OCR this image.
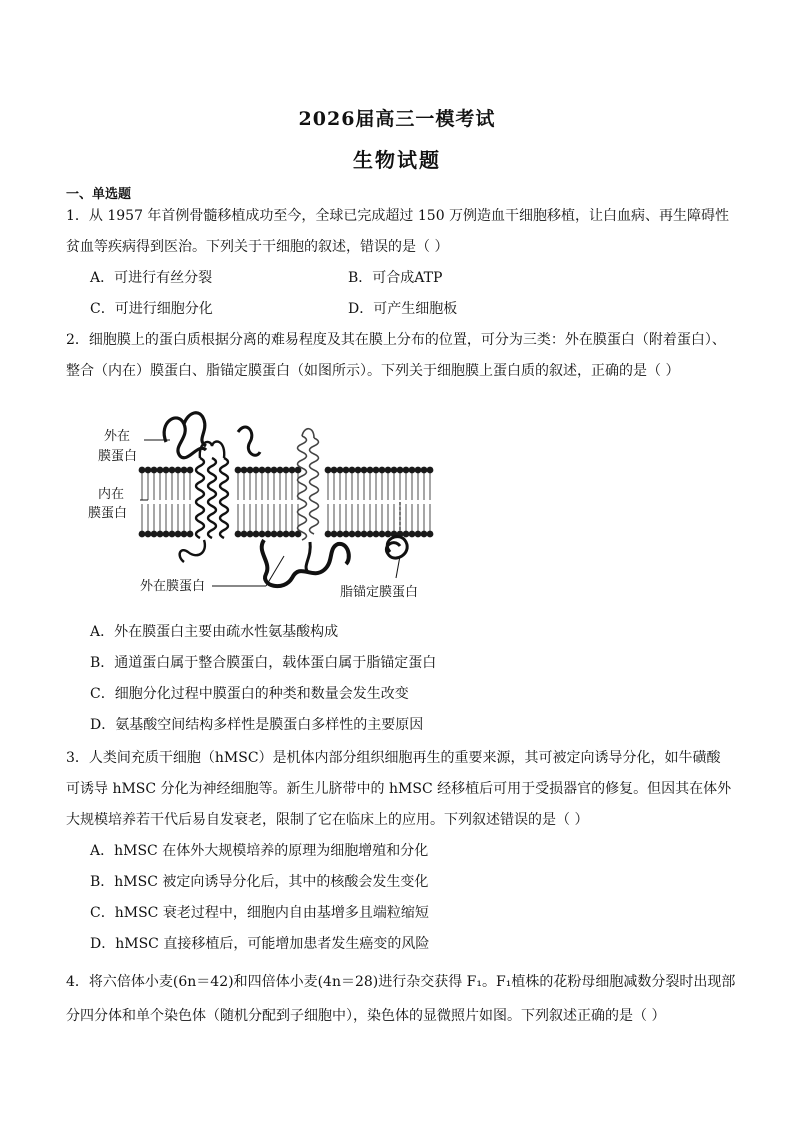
2026届高三一模考试
生物试题
一、单选题
1．从 1957 年首例骨髓移植成功至今，全球已完成超过 150 万例造血干细胞移植，让白血病、再生障碍性
贫血等疾病得到医治。下列关于干细胞的叙述，错误的是（ ）
A．可进行有丝分裂	B．可合成ATP
C．可进行细胞分化	D．可产生细胞板
2．细胞膜上的蛋白质根据分离的难易程度及其在膜上分布的位置，可分为三类：外在膜蛋白（附着蛋白）、
整合（内在）膜蛋白、脂锚定膜蛋白（如图所示）。下列关于细胞膜上蛋白质的叙述，正确的是（ ）
外在
膜蛋白
内在
膜蛋白
外在膜蛋白	脂锚定膜蛋白
A．外在膜蛋白主要由疏水性氨基酸构成
B．通道蛋白属于整合膜蛋白，载体蛋白属于脂锚定蛋白
C．细胞分化过程中膜蛋白的种类和数量会发生改变
D．氨基酸空间结构多样性是膜蛋白多样性的主要原因
3．人类间充质干细胞（hMSC）是机体内部分组织细胞再生的重要来源，其可被定向诱导分化，如牛磺酸
可诱导 hMSC 分化为神经细胞等。新生儿脐带中的 hMSC 经移植后可用于受损器官的修复。但因其在体外
大规模培养若干代后易自发衰老，限制了它在临床上的应用。下列叙述错误的是（ ）
A．hMSC 在体外大规模培养的原理为细胞增殖和分化
B．hMSC 被定向诱导分化后，其中的核酸会发生变化
C．hMSC 衰老过程中，细胞内自由基增多且端粒缩短
D．hMSC 直接移植后，可能增加患者发生癌变的风险
4．将六倍体小麦(6n＝42)和四倍体小麦(4n＝28)进行杂交获得 F₁。F₁植株的花粉母细胞减数分裂时出现部
分四分体和单个染色体（随机分配到子细胞中），染色体的显微照片如图。下列叙述正确的是（ ）
